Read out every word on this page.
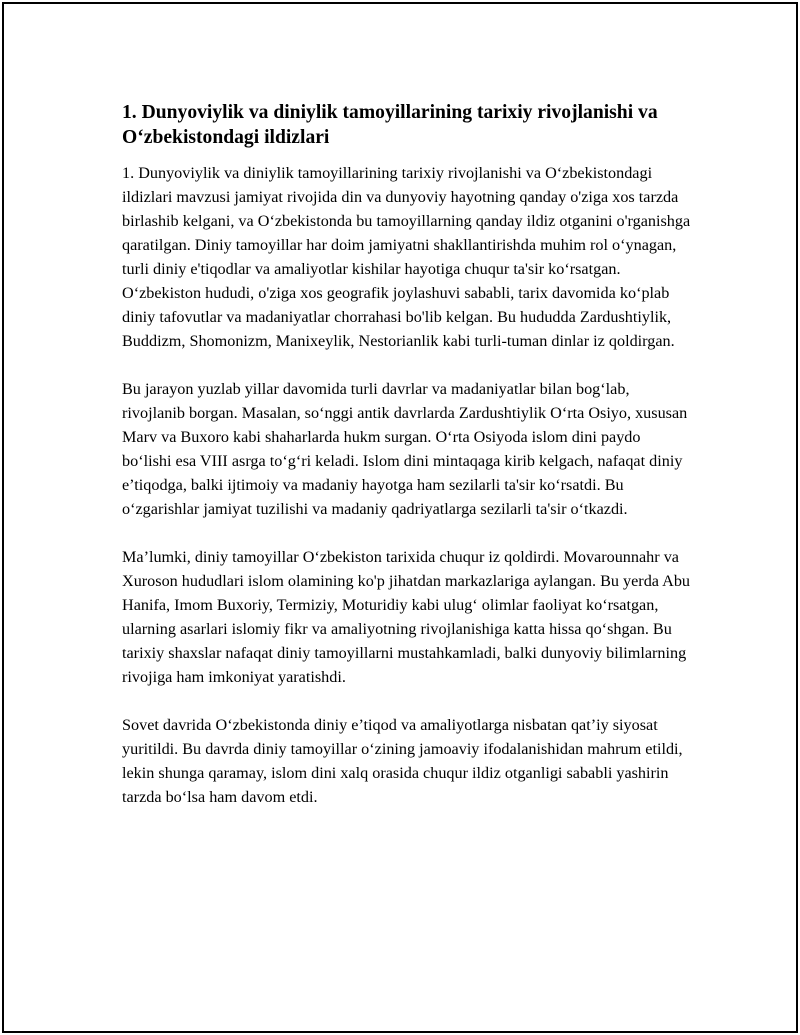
1. Dunyoviylik va diniylik tamoyillarining tarixiy rivojlanishi va O‘zbekistondagi ildizlari

1. Dunyoviylik va diniylik tamoyillarining tarixiy rivojlanishi va O‘zbekistondagi ildizlari mavzusi jamiyat rivojida din va dunyoviy hayotning qanday o'ziga xos tarzda birlashib kelgani, va O‘zbekistonda bu tamoyillarning qanday ildiz otganini o'rganishga qaratilgan. Diniy tamoyillar har doim jamiyatni shakllantirishda muhim rol o‘ynagan, turli diniy e'tiqodlar va amaliyotlar kishilar hayotiga chuqur ta'sir ko‘rsatgan. O‘zbekiston hududi, o'ziga xos geografik joylashuvi sababli, tarix davomida ko‘plab diniy tafovutlar va madaniyatlar chorrahasi bo'lib kelgan. Bu hududda Zardushtiylik, Buddizm, Shomonizm, Manixeylik, Nestorianlik kabi turli-tuman dinlar iz qoldirgan.

Bu jarayon yuzlab yillar davomida turli davrlar va madaniyatlar bilan bog‘lab, rivojlanib borgan. Masalan, so‘nggi antik davrlarda Zardushtiylik O‘rta Osiyo, xususan Marv va Buxoro kabi shaharlarda hukm surgan. O‘rta Osiyoda islom dini paydo bo‘lishi esa VIII asrga to‘g‘ri keladi. Islom dini mintaqaga kirib kelgach, nafaqat diniy e’tiqodga, balki ijtimoiy va madaniy hayotga ham sezilarli ta'sir ko‘rsatdi. Bu o‘zgarishlar jamiyat tuzilishi va madaniy qadriyatlarga sezilarli ta'sir o‘tkazdi.

Ma’lumki, diniy tamoyillar O‘zbekiston tarixida chuqur iz qoldirdi. Movarounnahr va Xuroson hududlari islom olamining ko'p jihatdan markazlariga aylangan. Bu yerda Abu Hanifa, Imom Buxoriy, Termiziy, Moturidiy kabi ulug‘ olimlar faoliyat ko‘rsatgan, ularning asarlari islomiy fikr va amaliyotning rivojlanishiga katta hissa qo‘shgan. Bu tarixiy shaxslar nafaqat diniy tamoyillarni mustahkamladi, balki dunyoviy bilimlarning rivojiga ham imkoniyat yaratishdi.

Sovet davrida O‘zbekistonda diniy e’tiqod va amaliyotlarga nisbatan qat’iy siyosat yuritildi. Bu davrda diniy tamoyillar o‘zining jamoaviy ifodalanishidan mahrum etildi, lekin shunga qaramay, islom dini xalq orasida chuqur ildiz otganligi sababli yashirin tarzda bo‘lsa ham davom etdi.
